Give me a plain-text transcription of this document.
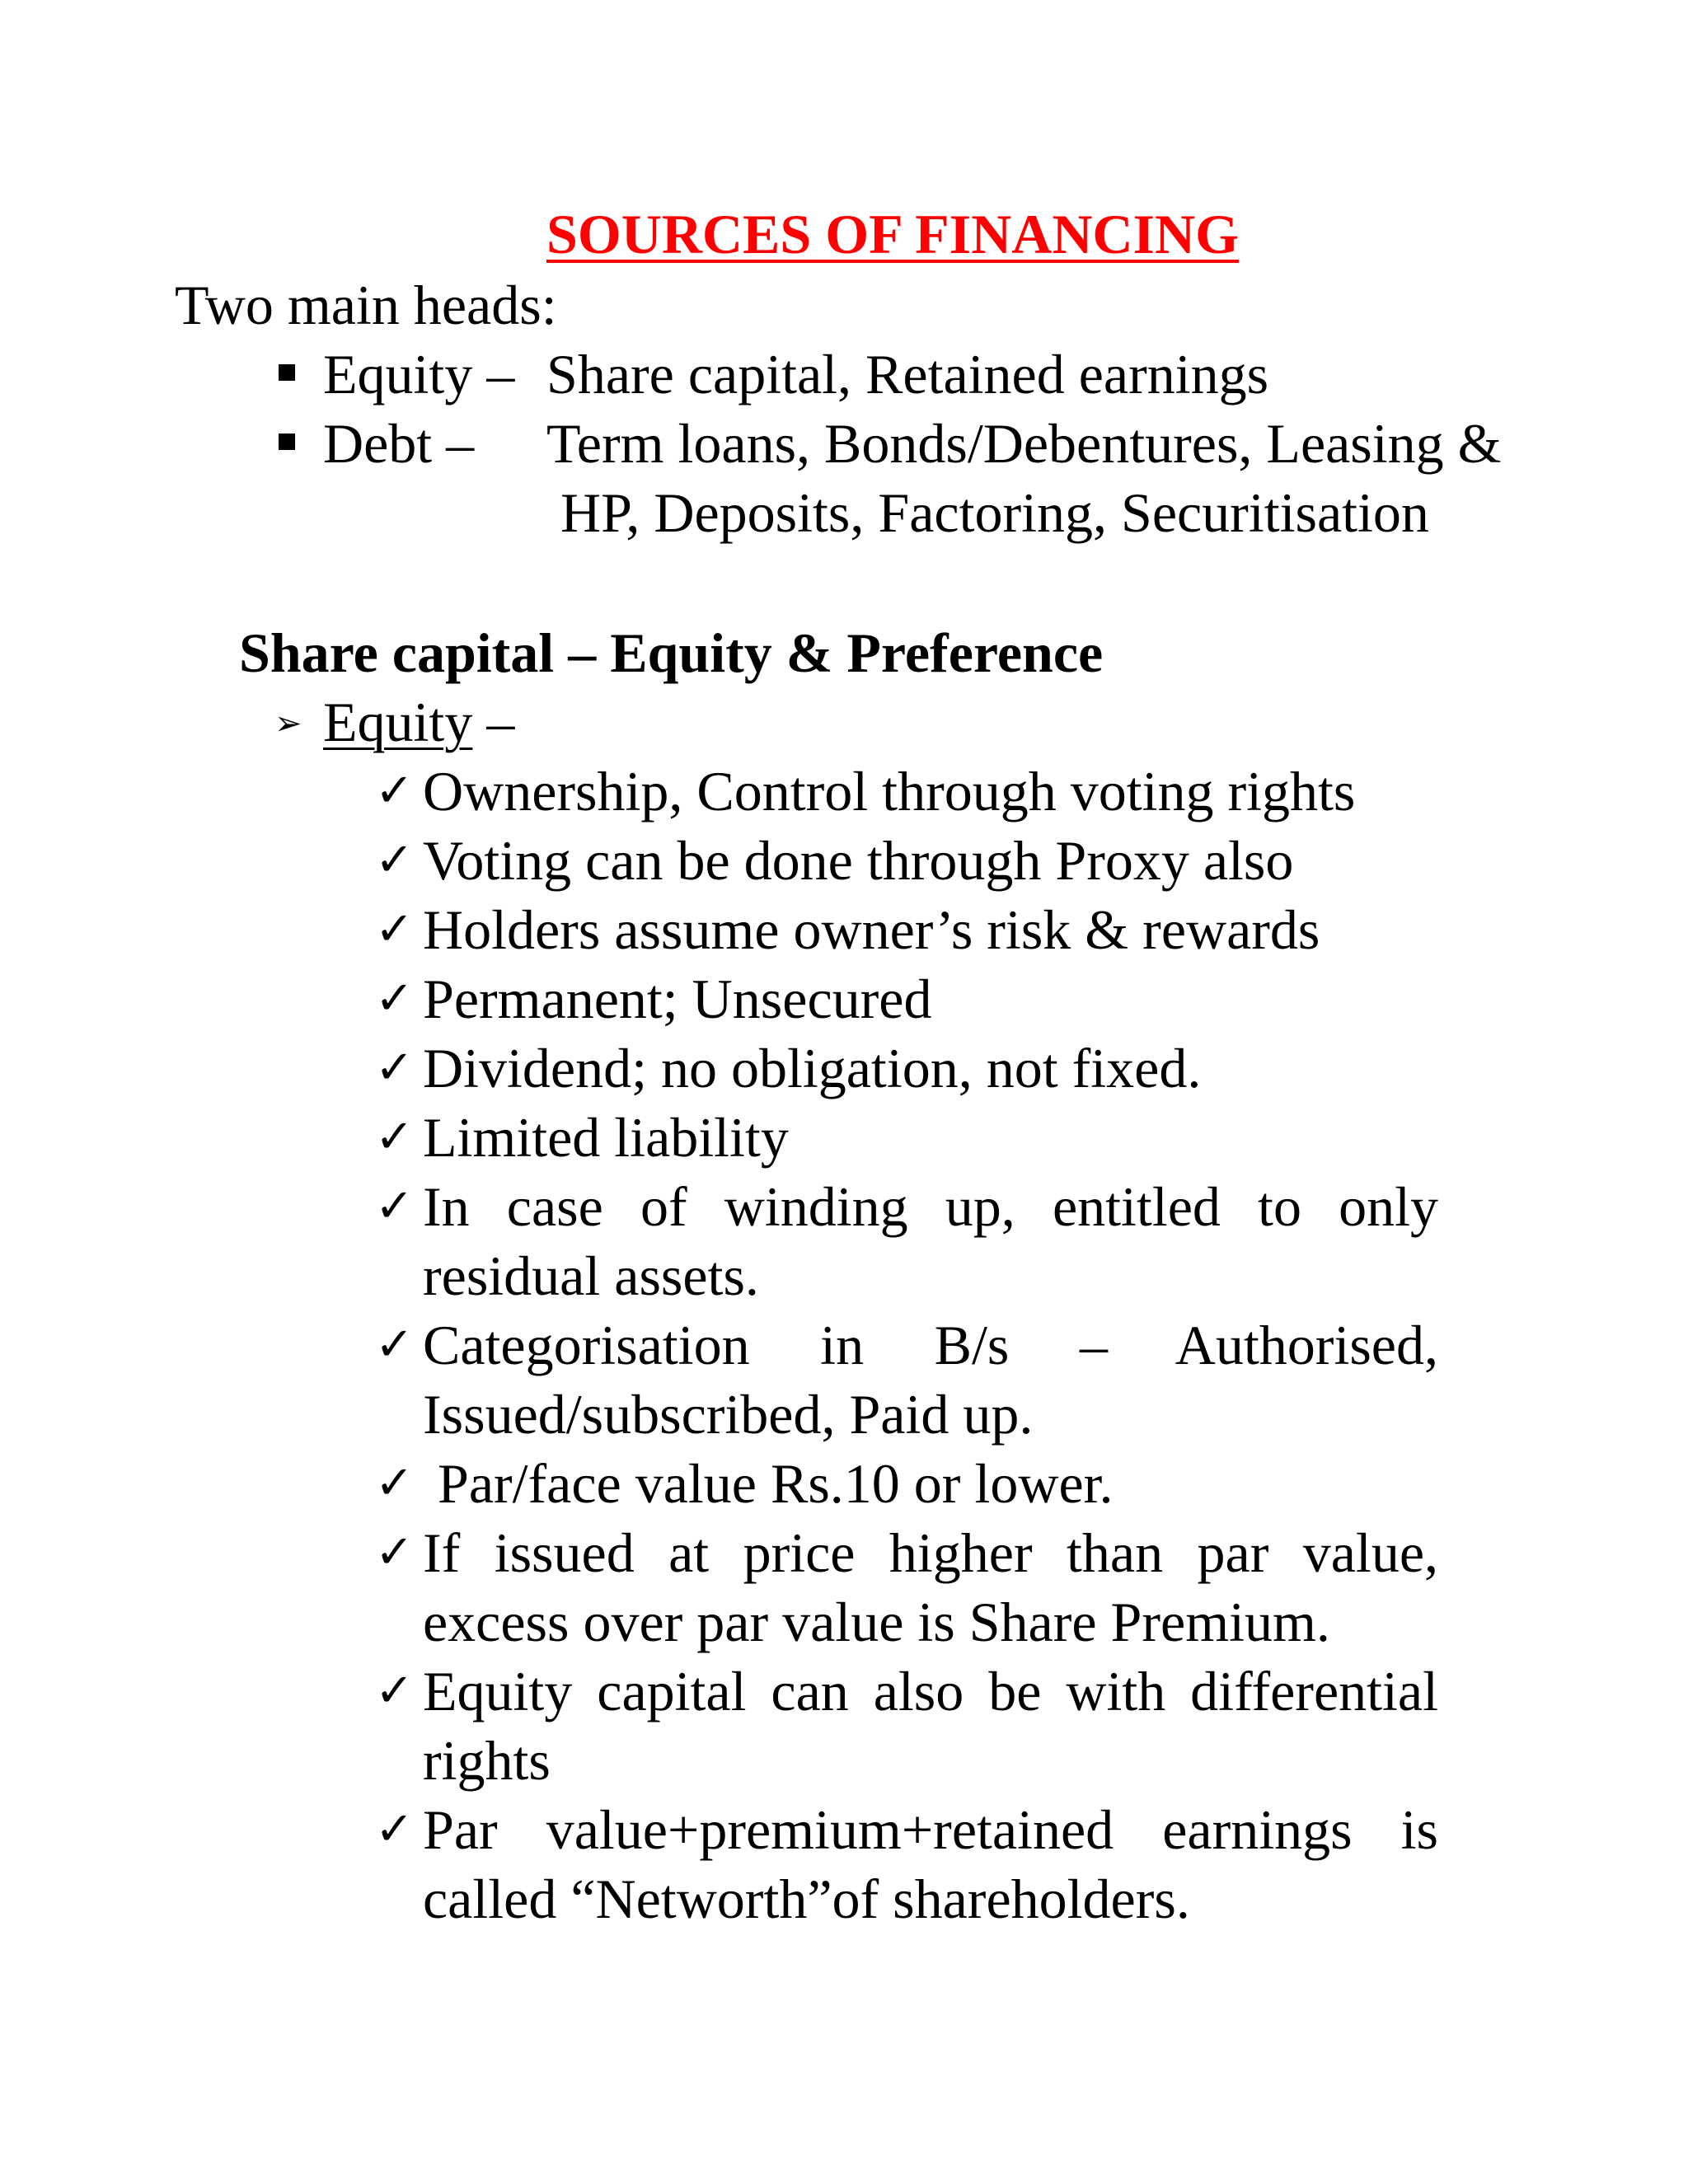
SOURCES OF FINANCING
Two main heads:
Equity – Share capital, Retained earnings
Debt – Term loans, Bonds/Debentures, Leasing &
HP, Deposits, Factoring, Securitisation
Share capital – Equity & Preference
➢ Equity –
✓ Ownership, Control through voting rights
✓ Voting can be done through Proxy also
✓ Holders assume owner’s risk & rewards
✓ Permanent; Unsecured
✓ Dividend; no obligation, not fixed.
✓ Limited liability
✓ In case of winding up, entitled to only residual assets.
✓ Categorisation in B/s – Authorised, Issued/subscribed, Paid up.
✓ Par/face value Rs.10 or lower.
✓ If issued at price higher than par value, excess over par value is Share Premium.
✓ Equity capital can also be with differential rights
✓ Par value+premium+retained earnings is called “Networth”of shareholders.
